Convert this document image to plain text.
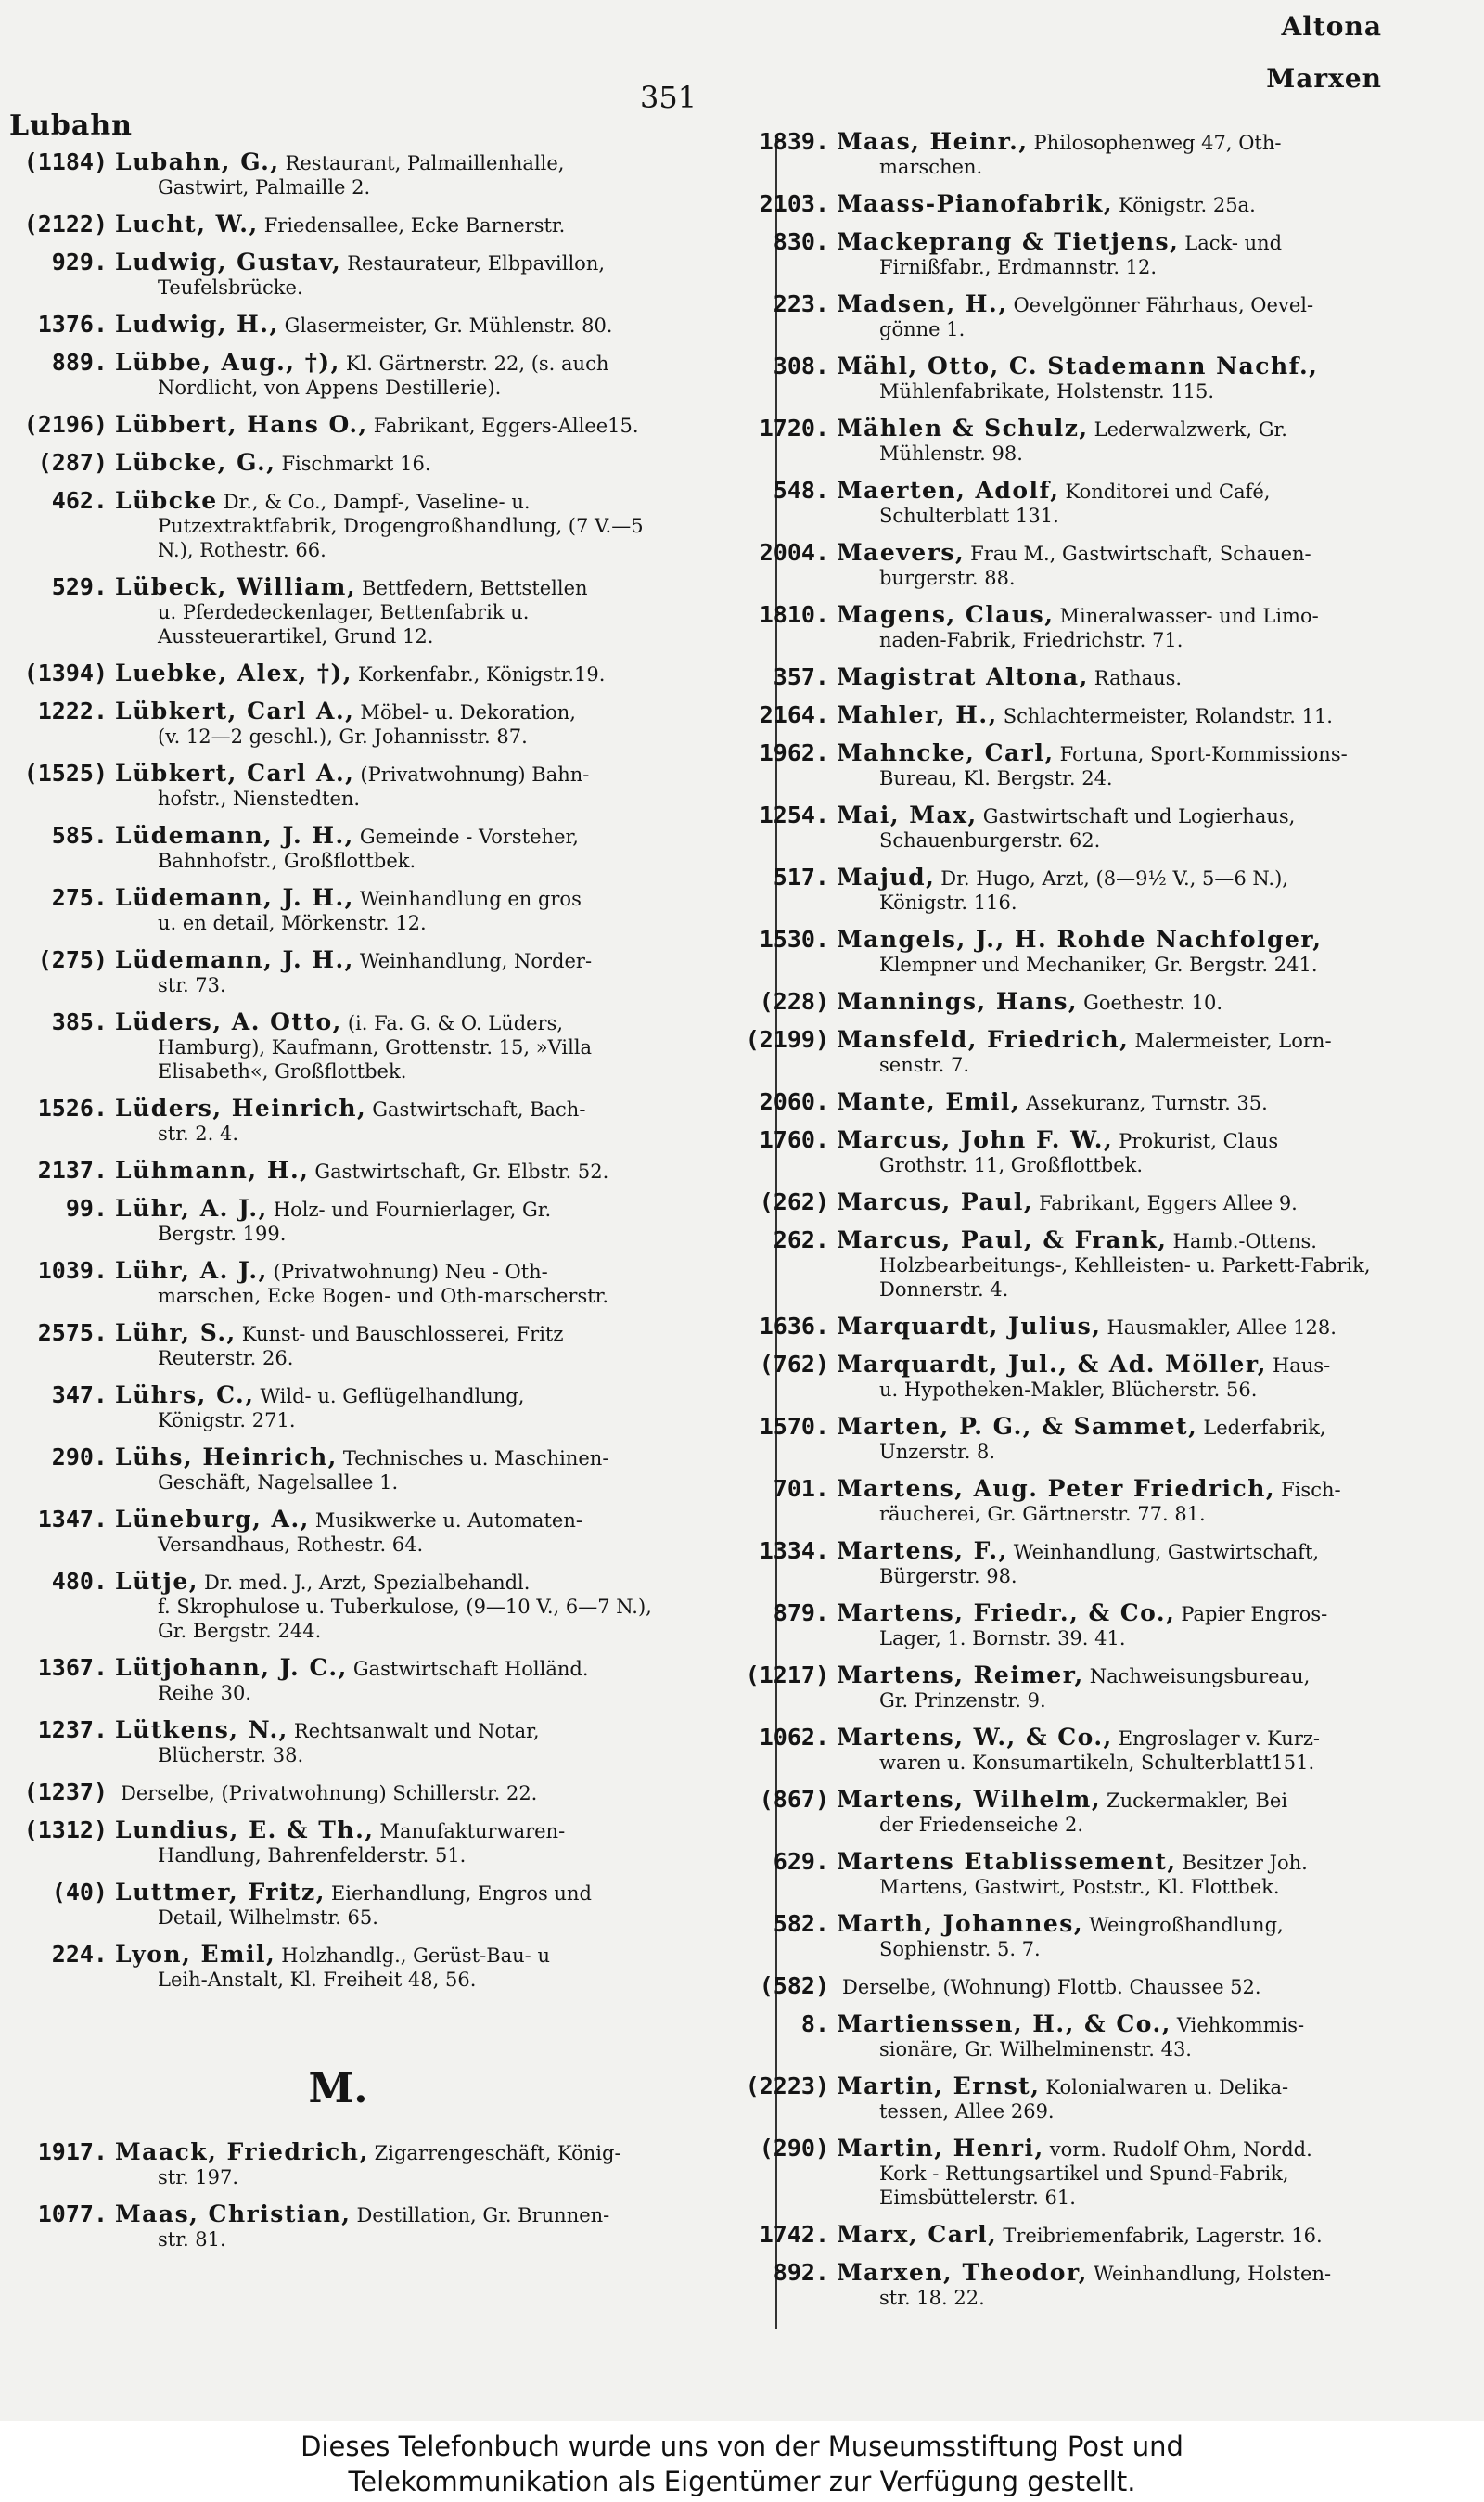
Lubahn
351
Altona
Marxen
(1184) Lubahn, G., Restaurant, Palmaillenhalle,
Gastwirt, Palmaille 2.
(2122) Lucht, W., Friedensallee, Ecke Barnerstr.
929. Ludwig, Gustav, Restaurateur, Elbpavillon,
Teufelsbrücke.
1376. Ludwig, H., Glasermeister, Gr. Mühlenstr. 80.
889. Lübbe, Aug., †), Kl. Gärtnerstr. 22, (s. auch
Nordlicht, von Appens Destillerie).
(2196) Lübbert, Hans O., Fabrikant, Eggers-Allee15.
(287) Lübcke, G., Fischmarkt 16.
462. Lübcke Dr., & Co., Dampf-, Vaseline- u.
Putzextraktfabrik, Drogengroßhandlung, (7 V.—5 N.), Rothestr. 66.
529. Lübeck, William, Bettfedern, Bettstellen
u. Pferdedeckenlager, Bettenfabrik u. Aussteuerartikel, Grund 12.
(1394) Luebke, Alex, †), Korkenfabr., Königstr.19.
1222. Lübkert, Carl A., Möbel- u. Dekoration,
(v. 12—2 geschl.), Gr. Johannisstr. 87.
(1525) Lübkert, Carl A., (Privatwohnung) Bahn-
hofstr., Nienstedten.
585. Lüdemann, J. H., Gemeinde - Vorsteher,
Bahnhofstr., Großflottbek.
275. Lüdemann, J. H., Weinhandlung en gros
u. en detail, Mörkenstr. 12.
(275) Lüdemann, J. H., Weinhandlung, Norder-
str. 73.
385. Lüders, A. Otto, (i. Fa. G. & O. Lüders,
Hamburg), Kaufmann, Grottenstr. 15, »Villa Elisabeth«, Großflottbek.
1526. Lüders, Heinrich, Gastwirtschaft, Bach-
str. 2. 4.
2137. Lühmann, H., Gastwirtschaft, Gr. Elbstr. 52.
99. Lühr, A. J., Holz- und Fournierlager, Gr.
Bergstr. 199.
1039. Lühr, A. J., (Privatwohnung) Neu - Oth-
marschen, Ecke Bogen- und Oth-marscherstr.
2575. Lühr, S., Kunst- und Bauschlosserei, Fritz
Reuterstr. 26.
347. Lührs, C., Wild- u. Geflügelhandlung,
Königstr. 271.
290. Lühs, Heinrich, Technisches u. Maschinen-
Geschäft, Nagelsallee 1.
1347. Lüneburg, A., Musikwerke u. Automaten-
Versandhaus, Rothestr. 64.
480. Lütje, Dr. med. J., Arzt, Spezialbehandl.
f. Skrophulose u. Tuberkulose, (9—10 V., 6—7 N.), Gr. Bergstr. 244.
1367. Lütjohann, J. C., Gastwirtschaft Holländ.
Reihe 30.
1237. Lütkens, N., Rechtsanwalt und Notar,
Blücherstr. 38.
(1237) Derselbe, (Privatwohnung) Schillerstr. 22.
(1312) Lundius, E. & Th., Manufakturwaren-
Handlung, Bahrenfelderstr. 51.
(40) Luttmer, Fritz, Eierhandlung, Engros und
Detail, Wilhelmstr. 65.
224. Lyon, Emil, Holzhandlg., Gerüst-Bau- u
Leih-Anstalt, Kl. Freiheit 48, 56.
M.
1917. Maack, Friedrich, Zigarrengeschäft, König-
str. 197.
1077. Maas, Christian, Destillation, Gr. Brunnen-
str. 81.
1839. Maas, Heinr., Philosophenweg 47, Oth-
marschen.
2103. Maass-Pianofabrik, Königstr. 25a.
830. Mackeprang & Tietjens, Lack- und
Firnißfabr., Erdmannstr. 12.
223. Madsen, H., Oevelgönner Fährhaus, Oevel-
gönne 1.
308. Mähl, Otto, C. Stademann Nachf.,
Mühlenfabrikate, Holstenstr. 115.
1720. Mählen & Schulz, Lederwalzwerk, Gr.
Mühlenstr. 98.
548. Maerten, Adolf, Konditorei und Café,
Schulterblatt 131.
2004. Maevers, Frau M., Gastwirtschaft, Schauen-
burgerstr. 88.
1810. Magens, Claus, Mineralwasser- und Limo-
naden-Fabrik, Friedrichstr. 71.
357. Magistrat Altona, Rathaus.
2164. Mahler, H., Schlachtermeister, Rolandstr. 11.
1962. Mahncke, Carl, Fortuna, Sport-Kommissions-
Bureau, Kl. Bergstr. 24.
1254. Mai, Max, Gastwirtschaft und Logierhaus,
Schauenburgerstr. 62.
517. Majud, Dr. Hugo, Arzt, (8—9½ V., 5—6 N.),
Königstr. 116.
1530. Mangels, J., H. Rohde Nachfolger,
Klempner und Mechaniker, Gr. Bergstr. 241.
(228) Mannings, Hans, Goethestr. 10.
(2199) Mansfeld, Friedrich, Malermeister, Lorn-
senstr. 7.
2060. Mante, Emil, Assekuranz, Turnstr. 35.
1760. Marcus, John F. W., Prokurist, Claus
Grothstr. 11, Großflottbek.
(262) Marcus, Paul, Fabrikant, Eggers Allee 9.
262. Marcus, Paul, & Frank, Hamb.-Ottens.
Holzbearbeitungs-, Kehlleisten- u. Parkett-Fabrik, Donnerstr. 4.
1636. Marquardt, Julius, Hausmakler, Allee 128.
(762) Marquardt, Jul., & Ad. Möller, Haus-
u. Hypotheken-Makler, Blücherstr. 56.
1570. Marten, P. G., & Sammet, Lederfabrik,
Unzerstr. 8.
701. Martens, Aug. Peter Friedrich, Fisch-
räucherei, Gr. Gärtnerstr. 77. 81.
1334. Martens, F., Weinhandlung, Gastwirtschaft,
Bürgerstr. 98.
879. Martens, Friedr., & Co., Papier Engros-
Lager, 1. Bornstr. 39. 41.
(1217) Martens, Reimer, Nachweisungsbureau,
Gr. Prinzenstr. 9.
1062. Martens, W., & Co., Engroslager v. Kurz-
waren u. Konsumartikeln, Schulterblatt151.
(867) Martens, Wilhelm, Zuckermakler, Bei
der Friedenseiche 2.
629. Martens Etablissement, Besitzer Joh.
Martens, Gastwirt, Poststr., Kl. Flottbek.
582. Marth, Johannes, Weingroßhandlung,
Sophienstr. 5. 7.
(582) Derselbe, (Wohnung) Flottb. Chaussee 52.
8. Martienssen, H., & Co., Viehkommis-
sionäre, Gr. Wilhelminenstr. 43.
(2223) Martin, Ernst, Kolonialwaren u. Delika-
tessen, Allee 269.
(290) Martin, Henri, vorm. Rudolf Ohm, Nordd.
Kork - Rettungsartikel und Spund-Fabrik, Eimsbüttelerstr. 61.
1742. Marx, Carl, Treibriemenfabrik, Lagerstr. 16.
892. Marxen, Theodor, Weinhandlung, Holsten-
str. 18. 22.
Dieses Telefonbuch wurde uns von der Museumsstiftung Post und
Telekommunikation als Eigentümer zur Verfügung gestellt.
